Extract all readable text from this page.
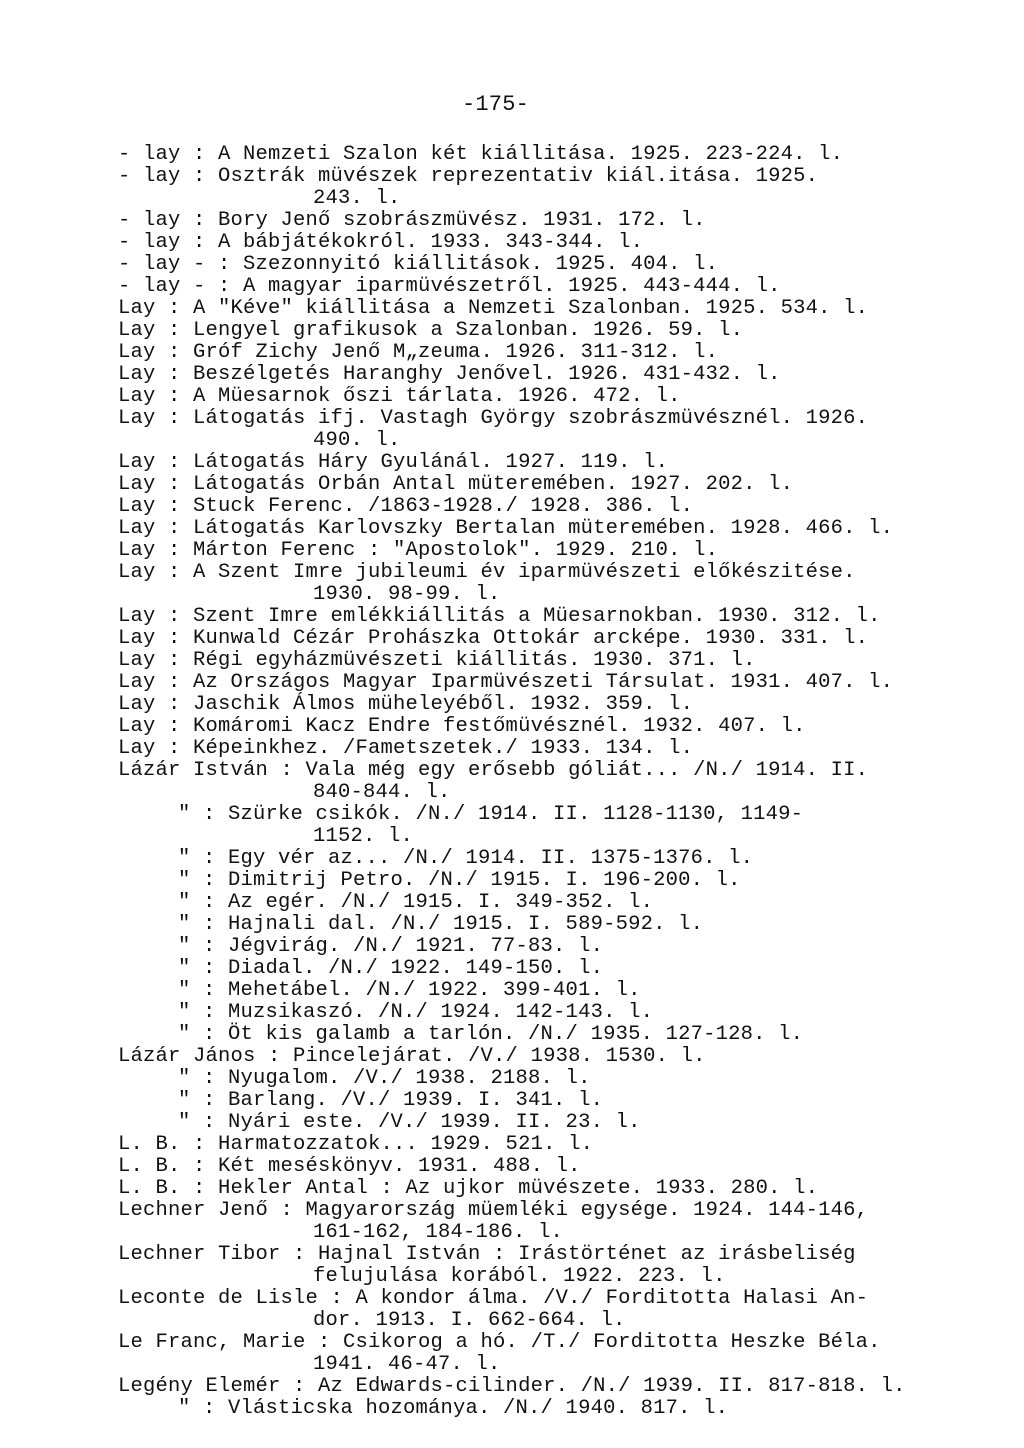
-175-
- lay : A Nemzeti Szalon két kiállitása. 1925. 223-224. l.
- lay : Osztrák müvészek reprezentativ kiál.itása. 1925.
243. l.
- lay : Bory Jenő szobrászmüvész. 1931. 172. l.
- lay : A bábjátékokról. 1933. 343-344. l.
- lay - : Szezonnyitó kiállitások. 1925. 404. l.
- lay - : A magyar iparmüvészetről. 1925. 443-444. l.
Lay : A "Kéve" kiállitása a Nemzeti Szalonban. 1925. 534. l.
Lay : Lengyel grafikusok a Szalonban. 1926. 59. l.
Lay : Gróf Zichy Jenő M„zeuma. 1926. 311-312. l.
Lay : Beszélgetés Haranghy Jenővel. 1926. 431-432. l.
Lay : A Müesarnok őszi tárlata. 1926. 472. l.
Lay : Látogatás ifj. Vastagh György szobrászmüvésznél. 1926.
490. l.
Lay : Látogatás Háry Gyulánál. 1927. 119. l.
Lay : Látogatás Orbán Antal müteremében. 1927. 202. l.
Lay : Stuck Ferenc. /1863-1928./ 1928. 386. l.
Lay : Látogatás Karlovszky Bertalan müteremében. 1928. 466. l.
Lay : Márton Ferenc : "Apostolok". 1929. 210. l.
Lay : A Szent Imre jubileumi év iparmüvészeti előkészitése.
1930. 98-99. l.
Lay : Szent Imre emlékkiállitás a Müesarnokban. 1930. 312. l.
Lay : Kunwald Cézár Prohászka Ottokár arcképe. 1930. 331. l.
Lay : Régi egyházmüvészeti kiállitás. 1930. 371. l.
Lay : Az Országos Magyar Iparmüvészeti Társulat. 1931. 407. l.
Lay : Jaschik Álmos müheleyéből. 1932. 359. l.
Lay : Komáromi Kacz Endre festőmüvésznél. 1932. 407. l.
Lay : Képeinkhez. /Fametszetek./ 1933. 134. l.
Lázár István : Vala még egy erősebb góliát... /N./ 1914. II.
840-844. l.
" : Szürke csikók. /N./ 1914. II. 1128-1130, 1149-
1152. l.
" : Egy vér az... /N./ 1914. II. 1375-1376. l.
" : Dimitrij Petro. /N./ 1915. I. 196-200. l.
" : Az egér. /N./ 1915. I. 349-352. l.
" : Hajnali dal. /N./ 1915. I. 589-592. l.
" : Jégvirág. /N./ 1921. 77-83. l.
" : Diadal. /N./ 1922. 149-150. l.
" : Mehetábel. /N./ 1922. 399-401. l.
" : Muzsikaszó. /N./ 1924. 142-143. l.
" : Öt kis galamb a tarlón. /N./ 1935. 127-128. l.
Lázár János : Pincelejárat. /V./ 1938. 1530. l.
" : Nyugalom. /V./ 1938. 2188. l.
" : Barlang. /V./ 1939. I. 341. l.
" : Nyári este. /V./ 1939. II. 23. l.
L. B. : Harmatozzatok... 1929. 521. l.
L. B. : Két meséskönyv. 1931. 488. l.
L. B. : Hekler Antal : Az ujkor müvészete. 1933. 280. l.
Lechner Jenő : Magyarország müemléki egysége. 1924. 144-146,
161-162, 184-186. l.
Lechner Tibor : Hajnal István : Irástörténet az irásbeliség
felujulása korából. 1922. 223. l.
Leconte de Lisle : A kondor álma. /V./ Forditotta Halasi An-
dor. 1913. I. 662-664. l.
Le Franc, Marie : Csikorog a hó. /T./ Forditotta Heszke Béla.
1941. 46-47. l.
Legény Elemér : Az Edwards-cilinder. /N./ 1939. II. 817-818. l.
" : Vlásticska hozománya. /N./ 1940. 817. l.
